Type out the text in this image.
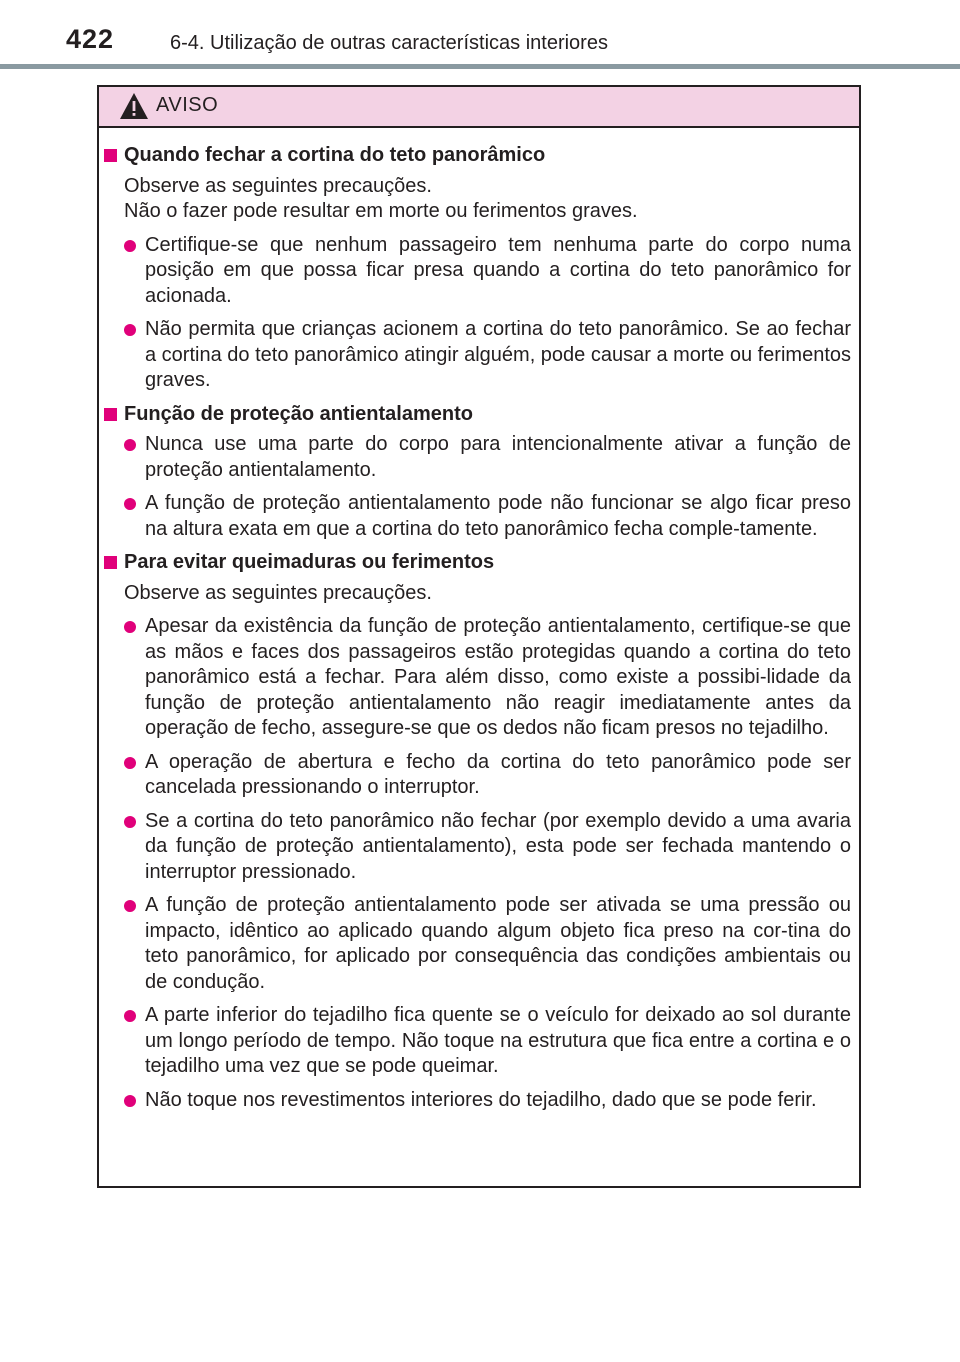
422	6-4. Utilização de outras características interiores
AVISO
Quando fechar a cortina do teto panorâmico
Observe as seguintes precauções.
Não o fazer pode resultar em morte ou ferimentos graves.
Certifique-se que nenhum passageiro tem nenhuma parte do corpo numa posição em que possa ficar presa quando a cortina do teto panorâmico for acionada.
Não permita que crianças acionem a cortina do teto panorâmico. Se ao fechar a cortina do teto panorâmico atingir alguém, pode causar a morte ou ferimentos graves.
Função de proteção antientalamento
Nunca use uma parte do corpo para intencionalmente ativar a função de proteção antientalamento.
A função de proteção antientalamento pode não funcionar se algo ficar preso na altura exata em que a cortina do teto panorâmico fecha comple-tamente.
Para evitar queimaduras ou ferimentos
Observe as seguintes precauções.
Apesar da existência da função de proteção antientalamento, certifique-se que as mãos e faces dos passageiros estão protegidas quando a cortina do teto panorâmico está a fechar. Para além disso, como existe a possibi-lidade da função de proteção antientalamento não reagir imediatamente antes da operação de fecho, assegure-se que os dedos não ficam presos no tejadilho.
A operação de abertura e fecho da cortina do teto panorâmico pode ser cancelada pressionando o interruptor.
Se a cortina do teto panorâmico não fechar (por exemplo devido a uma avaria da função de proteção antientalamento), esta pode ser fechada mantendo o interruptor pressionado.
A função de proteção antientalamento pode ser ativada se uma pressão ou impacto, idêntico ao aplicado quando algum objeto fica preso na cor-tina do teto panorâmico, for aplicado por consequência das condições ambientais ou de condução.
A parte inferior do tejadilho fica quente se o veículo for deixado ao sol durante um longo período de tempo. Não toque na estrutura que fica entre a cortina e o tejadilho uma vez que se pode queimar.
Não toque nos revestimentos interiores do tejadilho, dado que se pode ferir.
